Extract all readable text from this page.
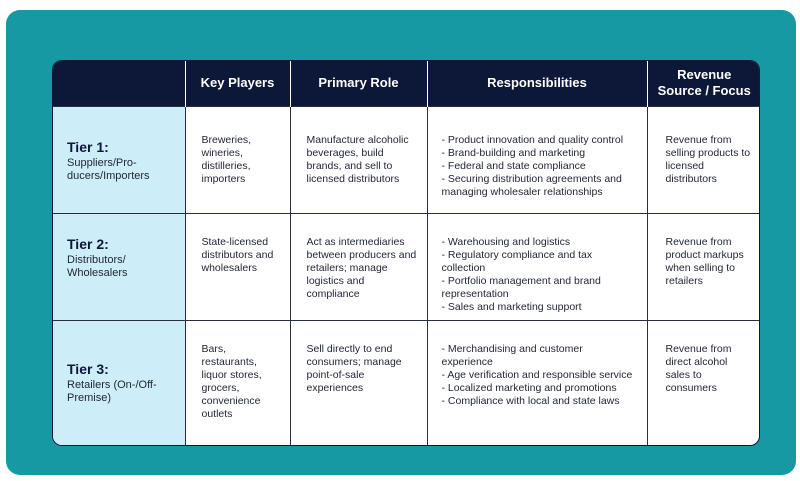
	Key Players	Primary Role	Responsibilities	Revenue Source / Focus

Tier 1:
Suppliers/Pro-ducers/Importers	Breweries, wineries, distilleries, importers	Manufacture alcoholic beverages, build brands, and sell to licensed distributors	- Product innovation and quality control
- Brand-building and marketing
- Federal and state compliance
- Securing distribution agreements and managing wholesaler relationships	Revenue from selling products to licensed distributors

Tier 2:
Distributors/ Wholesalers	State-licensed distributors and wholesalers	Act as intermediaries between producers and retailers; manage logistics and compliance	- Warehousing and logistics
- Regulatory compliance and tax collection
- Portfolio management and brand representation
- Sales and marketing support	Revenue from product markups when selling to retailers

Tier 3:
Retailers (On-/Off-Premise)	Bars, restaurants, liquor stores, grocers, convenience outlets	Sell directly to end consumers; manage point-of-sale experiences	- Merchandising and customer experience
- Age verification and responsible service
- Localized marketing and promotions
- Compliance with local and state laws	Revenue from direct alcohol sales to consumers
